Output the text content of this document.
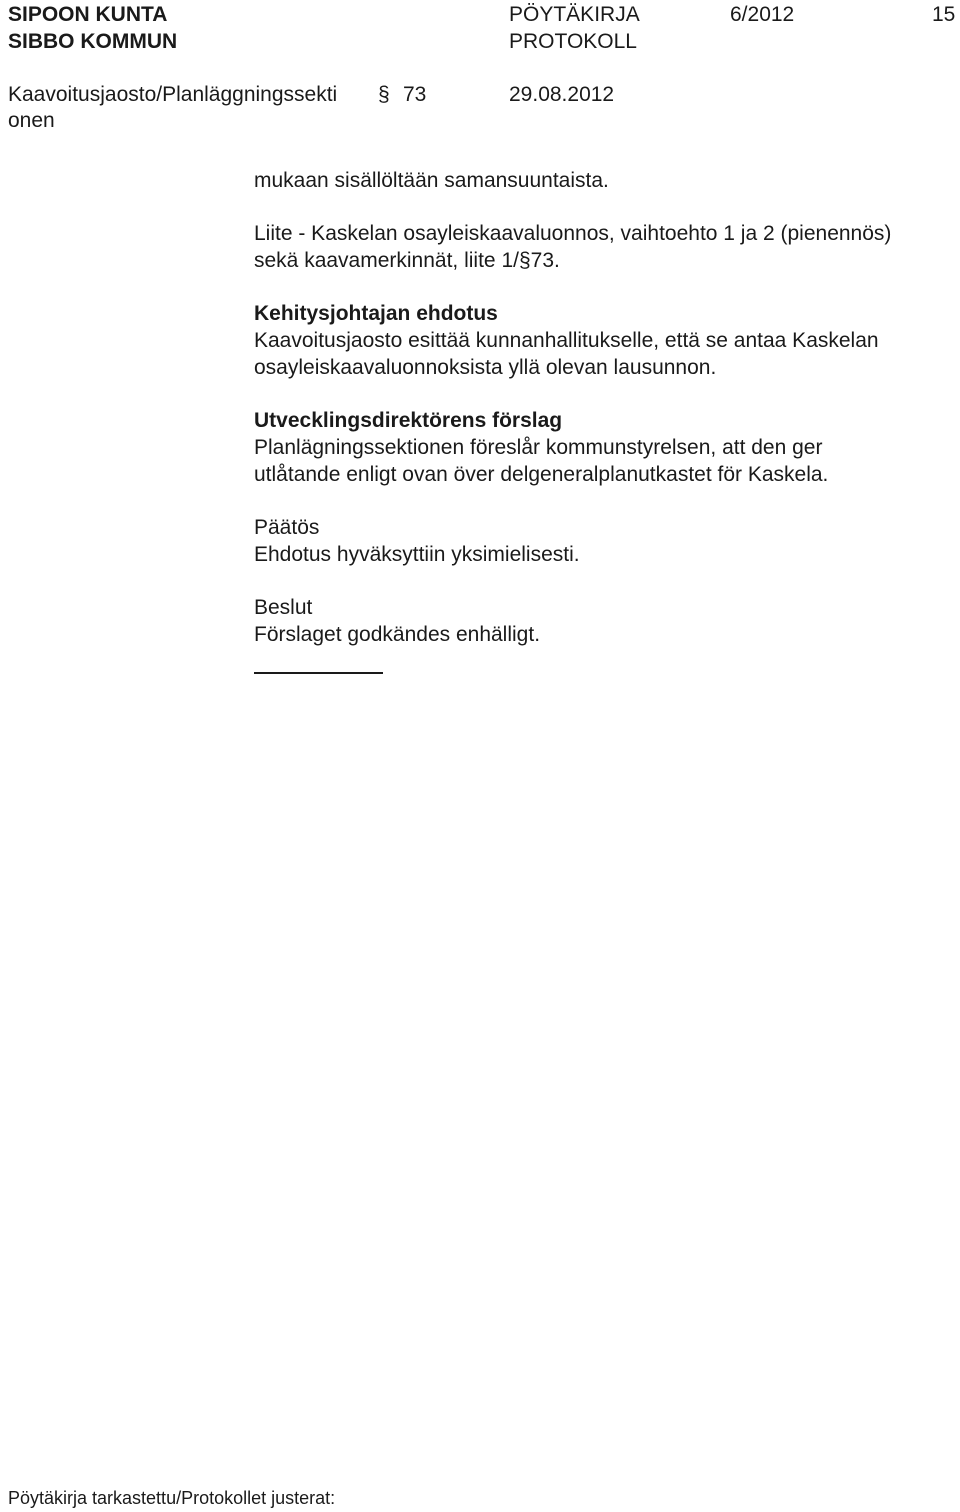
SIPOON KUNTA
SIBBO KOMMUN
PÖYTÄKIRJA
PROTOKOLL
6/2012	15
Kaavoitusjaosto/Planläggningssekti
onen
§ 73	29.08.2012

mukaan sisällöltään samansuuntaista.

Liite - Kaskelan osayleiskaavaluonnos, vaihtoehto 1 ja 2 (pienennös)

sekä kaavamerkinnät, liite 1/§73.

Kehitysjohtajan ehdotus

Kaavoitusjaosto esittää kunnanhallitukselle, että se antaa Kaskelan

osayleiskaavaluonnoksista yllä olevan lausunnon.

Utvecklingsdirektörens förslag

Planlägningssektionen föreslår kommunstyrelsen, att den ger

utlåtande enligt ovan över delgeneralplanutkastet för Kaskela.

Päätös

Ehdotus hyväksyttiin yksimielisesti.

Beslut

Förslaget godkändes enhälligt.

Pöytäkirja tarkastettu/Protokollet justerat:
